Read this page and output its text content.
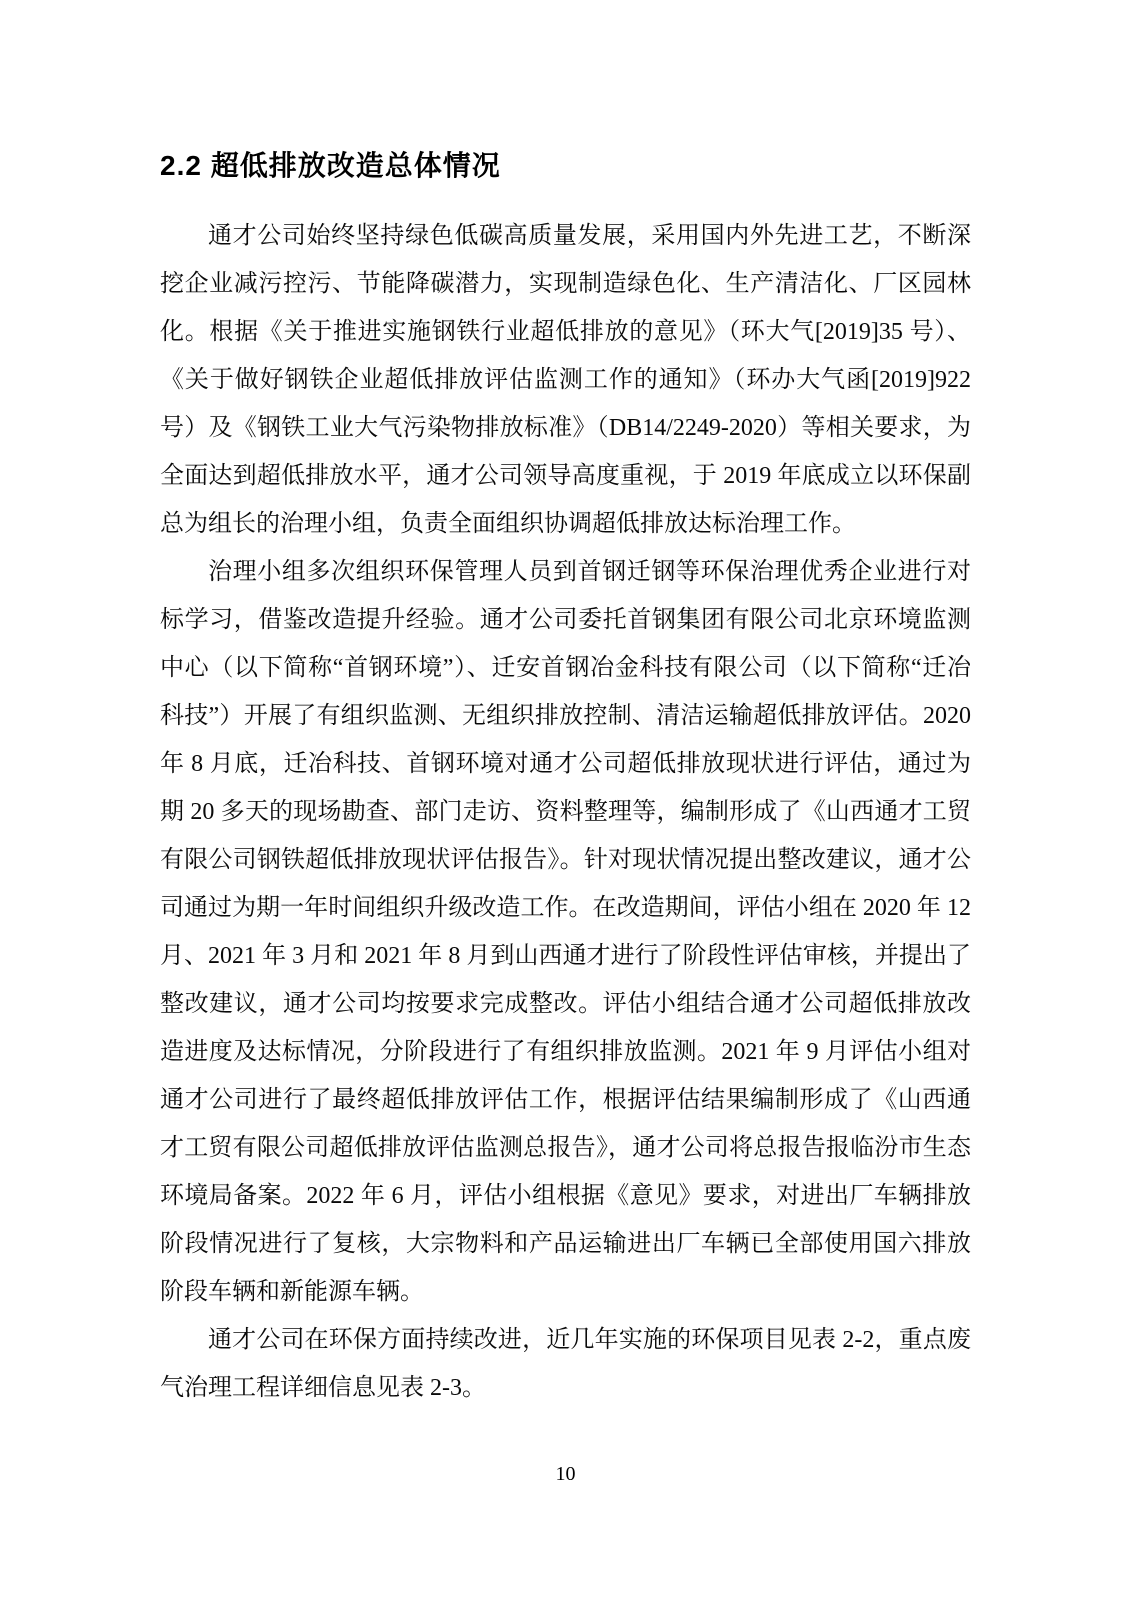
2.2 超低排放改造总体情况

通才公司始终坚持绿色低碳高质量发展，采用国内外先进工艺，不断深挖企业减污控污、节能降碳潜力，实现制造绿色化、生产清洁化、厂区园林化。根据《关于推进实施钢铁行业超低排放的意见》（环大气[2019]35 号）、《关于做好钢铁企业超低排放评估监测工作的通知》（环办大气函[2019]922 号）及《钢铁工业大气污染物排放标准》（DB14/2249-2020）等相关要求，为全面达到超低排放水平，通才公司领导高度重视，于 2019 年底成立以环保副总为组长的治理小组，负责全面组织协调超低排放达标治理工作。

治理小组多次组织环保管理人员到首钢迁钢等环保治理优秀企业进行对标学习，借鉴改造提升经验。通才公司委托首钢集团有限公司北京环境监测中心（以下简称“首钢环境”）、迁安首钢冶金科技有限公司（以下简称“迁冶科技”）开展了有组织监测、无组织排放控制、清洁运输超低排放评估。2020 年 8 月底，迁冶科技、首钢环境对通才公司超低排放现状进行评估，通过为期 20 多天的现场勘查、部门走访、资料整理等，编制形成了《山西通才工贸有限公司钢铁超低排放现状评估报告》。针对现状情况提出整改建议，通才公司通过为期一年时间组织升级改造工作。在改造期间，评估小组在 2020 年 12 月、2021 年 3 月和 2021 年 8 月到山西通才进行了阶段性评估审核，并提出了整改建议，通才公司均按要求完成整改。评估小组结合通才公司超低排放改造进度及达标情况，分阶段进行了有组织排放监测。2021 年 9 月评估小组对通才公司进行了最终超低排放评估工作，根据评估结果编制形成了《山西通才工贸有限公司超低排放评估监测总报告》，通才公司将总报告报临汾市生态环境局备案。2022 年 6 月，评估小组根据《意见》要求，对进出厂车辆排放阶段情况进行了复核，大宗物料和产品运输进出厂车辆已全部使用国六排放阶段车辆和新能源车辆。

通才公司在环保方面持续改进，近几年实施的环保项目见表 2-2，重点废气治理工程详细信息见表 2-3。

10
